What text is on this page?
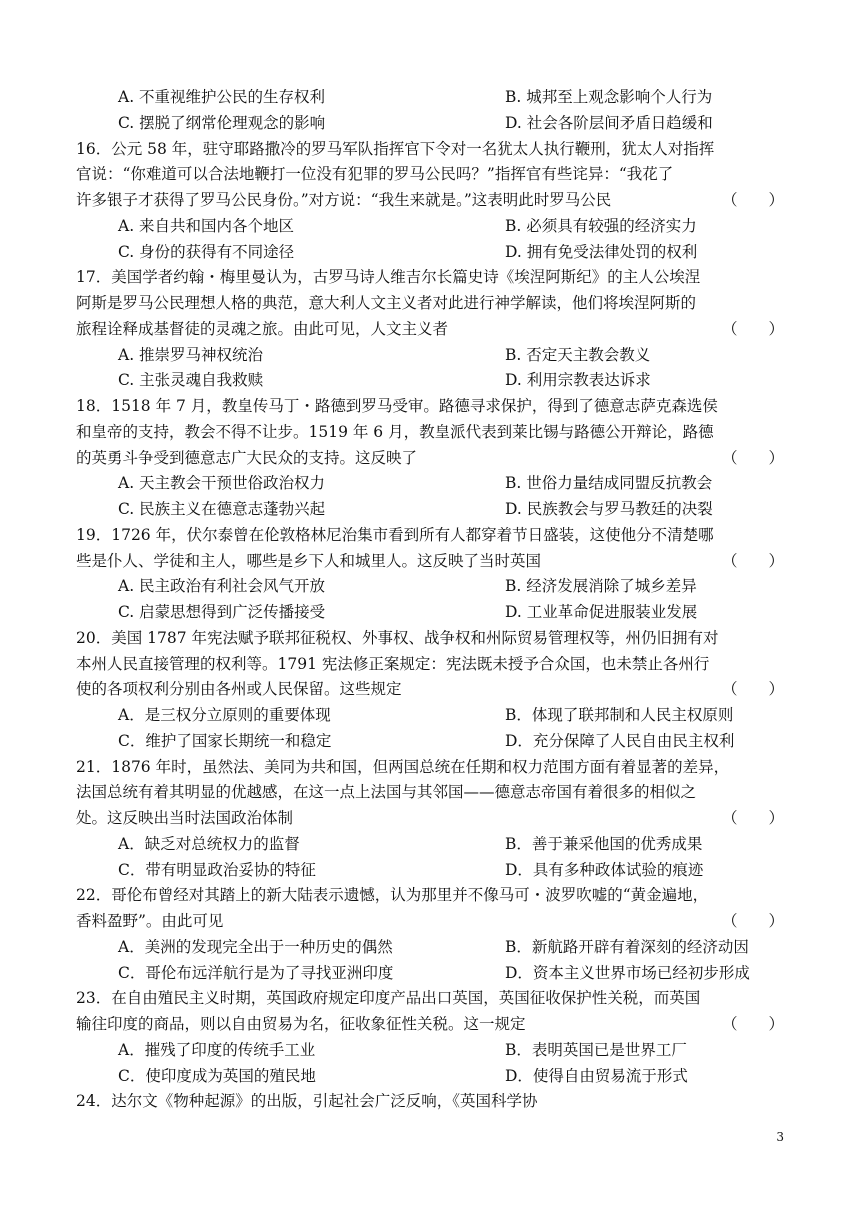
A. 不重视维护公民的生存权利	B. 城邦至上观念影响个人行为
C. 摆脱了纲常伦理观念的影响	D. 社会各阶层间矛盾日趋缓和
16．公元 58 年，驻守耶路撒冷的罗马军队指挥官下令对一名犹太人执行鞭刑，犹太人对指挥
官说：“你难道可以合法地鞭打一位没有犯罪的罗马公民吗？”指挥官有些诧异：“我花了
许多银子才获得了罗马公民身份。”对方说：“我生来就是。”这表明此时罗马公民	（　　）
A. 来自共和国内各个地区	B. 必须具有较强的经济实力
C. 身份的获得有不同途径	D. 拥有免受法律处罚的权利
17．美国学者约翰・梅里曼认为，古罗马诗人维吉尔长篇史诗《埃涅阿斯纪》的主人公埃涅
阿斯是罗马公民理想人格的典范，意大利人文主义者对此进行神学解读，他们将埃涅阿斯的
旅程诠释成基督徒的灵魂之旅。由此可见，人文主义者	（　　）
A. 推崇罗马神权统治	B. 否定天主教会教义
C. 主张灵魂自我救赎	D. 利用宗教表达诉求
18．1518 年 7 月，教皇传马丁・路德到罗马受审。路德寻求保护，得到了德意志萨克森选侯
和皇帝的支持，教会不得不让步。1519 年 6 月，教皇派代表到莱比锡与路德公开辩论，路德
的英勇斗争受到德意志广大民众的支持。这反映了	（　　）
A. 天主教会干预世俗政治权力	B. 世俗力量结成同盟反抗教会
C. 民族主义在德意志蓬勃兴起	D. 民族教会与罗马教廷的决裂
19．1726 年，伏尔泰曾在伦敦格林尼治集市看到所有人都穿着节日盛装，这使他分不清楚哪
些是仆人、学徒和主人，哪些是乡下人和城里人。这反映了当时英国	（　　）
A. 民主政治有利社会风气开放	B. 经济发展消除了城乡差异
C. 启蒙思想得到广泛传播接受	D. 工业革命促进服装业发展
20．美国 1787 年宪法赋予联邦征税权、外事权、战争权和州际贸易管理权等，州仍旧拥有对
本州人民直接管理的权利等。1791 宪法修正案规定：宪法既未授予合众国，也未禁止各州行
使的各项权利分别由各州或人民保留。这些规定	（　　）
A．是三权分立原则的重要体现	B．体现了联邦制和人民主权原则
C．维护了国家长期统一和稳定	D．充分保障了人民自由民主权利
21．1876 年时，虽然法、美同为共和国，但两国总统在任期和权力范围方面有着显著的差异，
法国总统有着其明显的优越感，在这一点上法国与其邻国——德意志帝国有着很多的相似之
处。这反映出当时法国政治体制	（　　）
A．缺乏对总统权力的监督	B．善于兼采他国的优秀成果
C．带有明显政治妥协的特征	D．具有多种政体试验的痕迹
22．哥伦布曾经对其踏上的新大陆表示遗憾，认为那里并不像马可・波罗吹嘘的“黄金遍地，
香料盈野”。由此可见	（　　）
A．美洲的发现完全出于一种历史的偶然	B．新航路开辟有着深刻的经济动因
C．哥伦布远洋航行是为了寻找亚洲印度	D．资本主义世界市场已经初步形成
23．在自由殖民主义时期，英国政府规定印度产品出口英国，英国征收保护性关税，而英国
输往印度的商品，则以自由贸易为名，征收象征性关税。这一规定	（　　）
A．摧残了印度的传统手工业	B．表明英国已是世界工厂
C．使印度成为英国的殖民地	D．使得自由贸易流于形式
24．达尔文《物种起源》的出版，引起社会广泛反响，《英国科学协
3
